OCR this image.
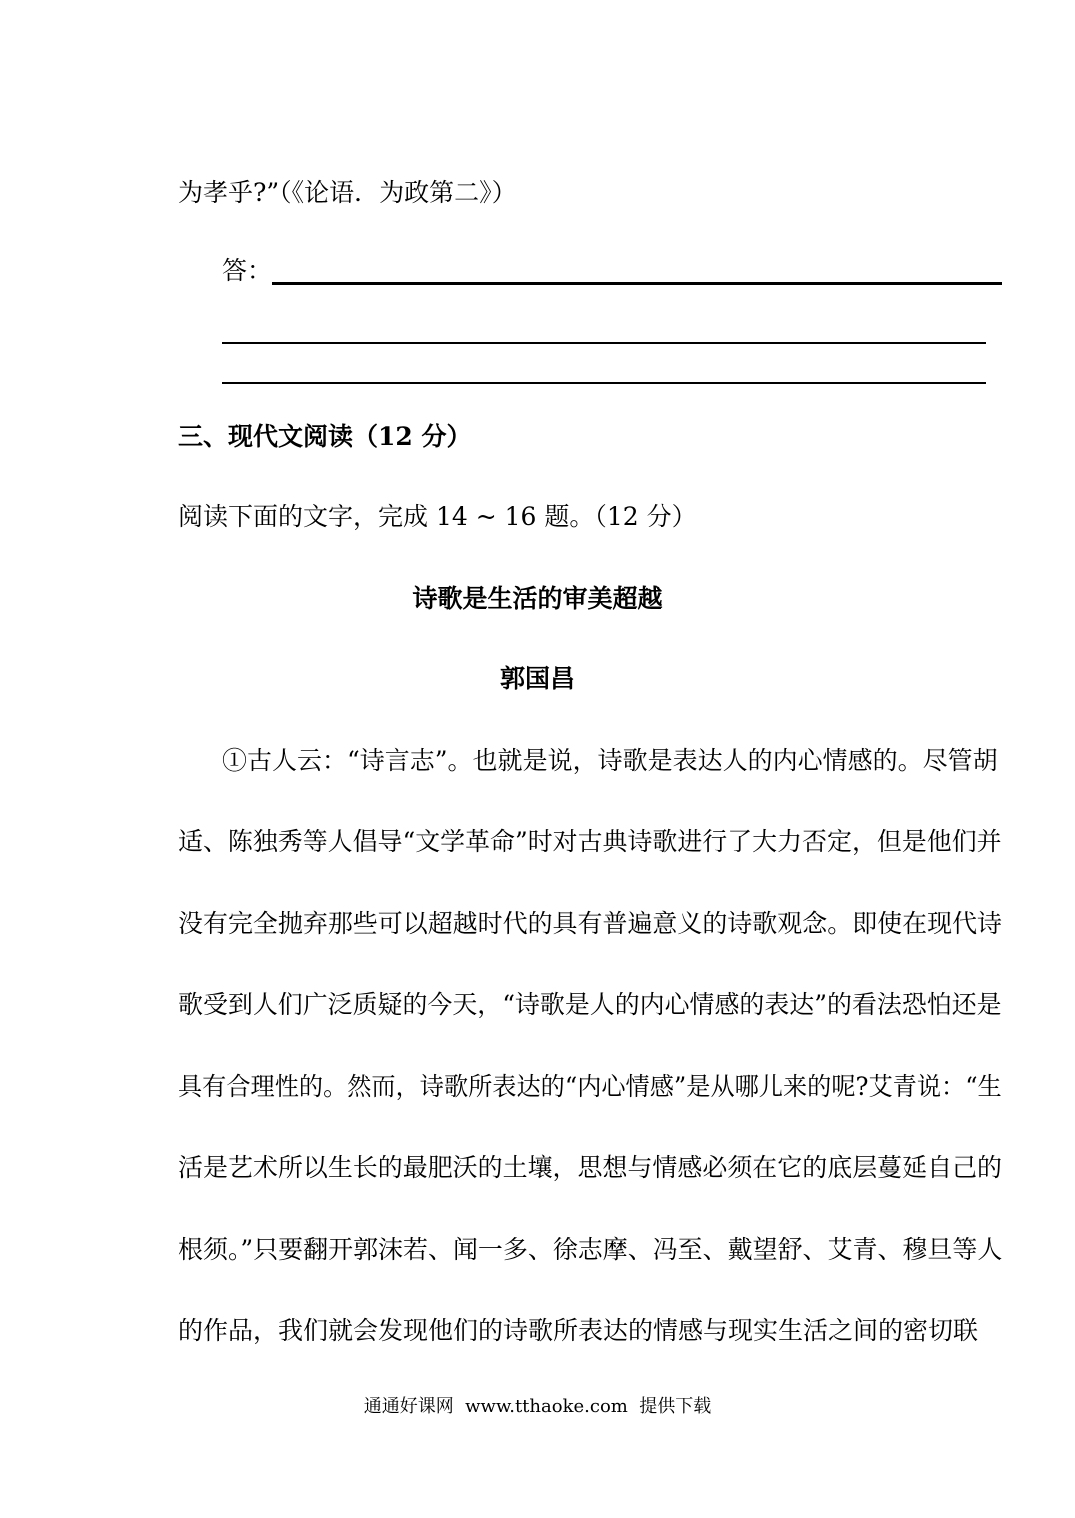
为孝乎?”（《论语．为政第二》）
答：
三、现代文阅读（12 分）
阅读下面的文字，完成 14 ~ 16 题。（12 分）
诗歌是生活的审美超越
郭国昌
①古人云：“诗言志”。也就是说，诗歌是表达人的内心情感的。尽管胡
适、陈独秀等人倡导“文学革命”时对古典诗歌进行了大力否定，但是他们并
没有完全抛弃那些可以超越时代的具有普遍意义的诗歌观念。即使在现代诗
歌受到人们广泛质疑的今天，“诗歌是人的内心情感的表达”的看法恐怕还是
具有合理性的。然而，诗歌所表达的“内心情感”是从哪儿来的呢?艾青说：“生
活是艺术所以生长的最肥沃的土壤，思想与情感必须在它的底层蔓延自己的
根须。”只要翻开郭沫若、闻一多、徐志摩、冯至、戴望舒、艾青、穆旦等人
的作品，我们就会发现他们的诗歌所表达的情感与现实生活之间的密切联
通通好课网  www.tthaoke.com  提供下载
